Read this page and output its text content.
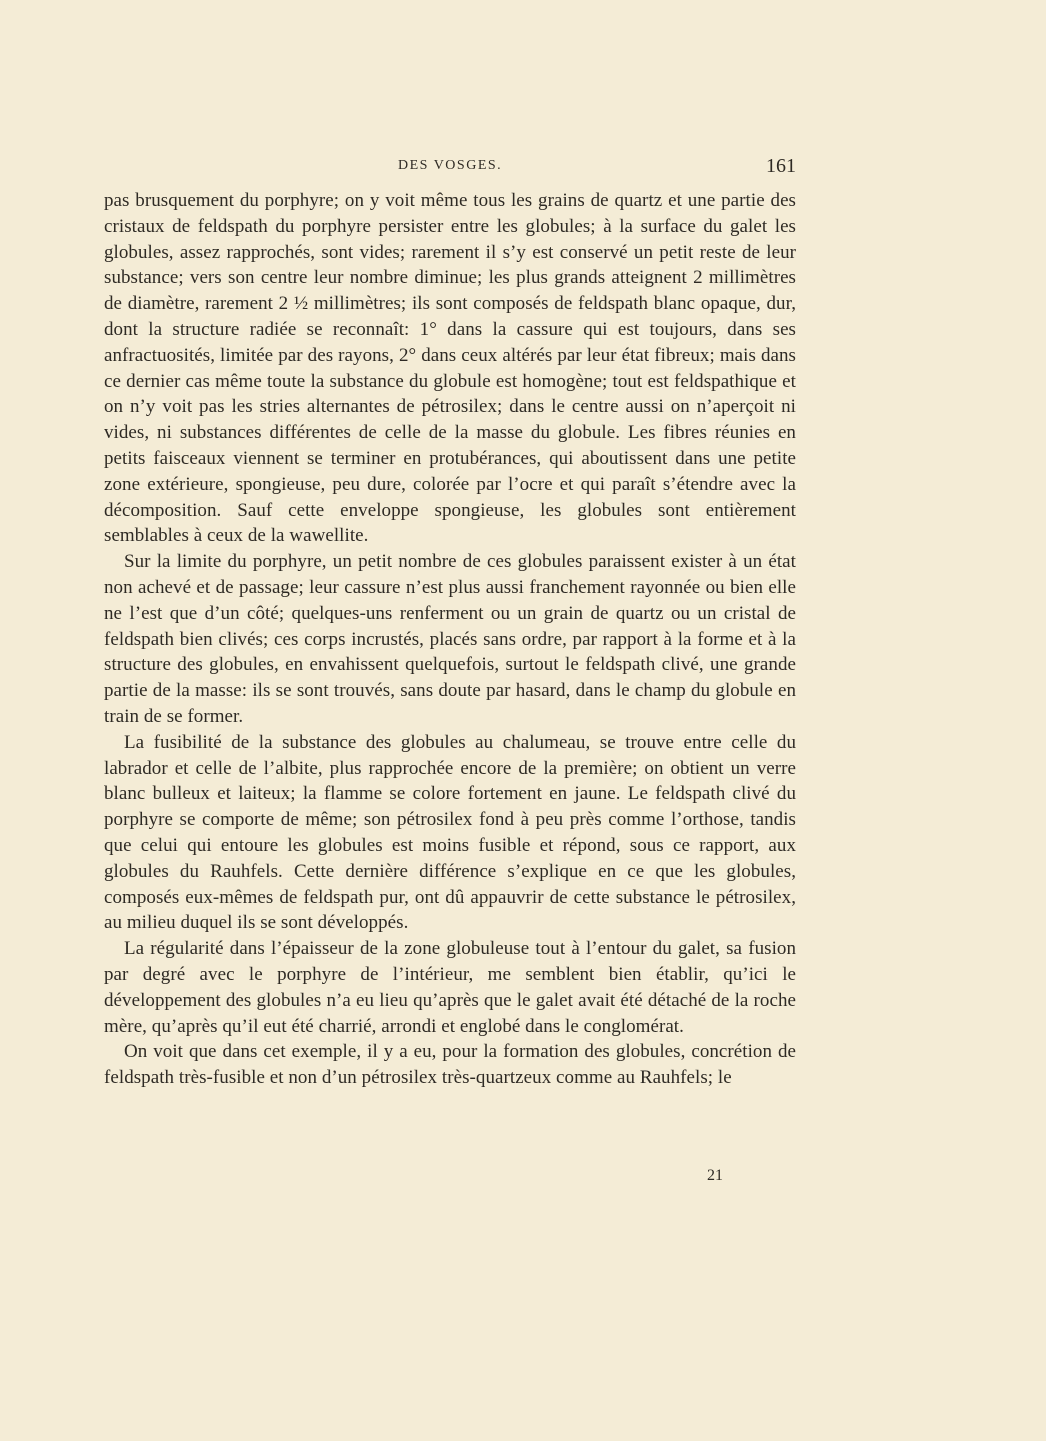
DES VOSGES.	161

pas brusquement du porphyre; on y voit même tous les grains de quartz et une partie des cristaux de feldspath du porphyre persister entre les globules; à la surface du galet les globules, assez rapprochés, sont vides; rarement il s’y est conservé un petit reste de leur substance; vers son centre leur nombre diminue; les plus grands atteignent 2 millimètres de diamètre, rarement 2 ½ millimètres; ils sont composés de feldspath blanc opaque, dur, dont la structure radiée se reconnaît: 1° dans la cassure qui est toujours, dans ses anfractuosités, limitée par des rayons, 2° dans ceux altérés par leur état fibreux; mais dans ce dernier cas même toute la substance du globule est homogène; tout est feldspathique et on n’y voit pas les stries alternantes de pétrosilex; dans le centre aussi on n’aperçoit ni vides, ni substances différentes de celle de la masse du globule. Les fibres réunies en petits faisceaux viennent se terminer en protubérances, qui aboutissent dans une petite zone extérieure, spongieuse, peu dure, colorée par l’ocre et qui paraît s’étendre avec la décomposition. Sauf cette enveloppe spongieuse, les globules sont entièrement semblables à ceux de la wawellite.

Sur la limite du porphyre, un petit nombre de ces globules paraissent exister à un état non achevé et de passage; leur cassure n’est plus aussi franchement rayonnée ou bien elle ne l’est que d’un côté; quelques-uns renferment ou un grain de quartz ou un cristal de feldspath bien clivés; ces corps incrustés, placés sans ordre, par rapport à la forme et à la structure des globules, en envahissent quelquefois, surtout le feldspath clivé, une grande partie de la masse: ils se sont trouvés, sans doute par hasard, dans le champ du globule en train de se former.

La fusibilité de la substance des globules au chalumeau, se trouve entre celle du labrador et celle de l’albite, plus rapprochée encore de la première; on obtient un verre blanc bulleux et laiteux; la flamme se colore fortement en jaune. Le feldspath clivé du porphyre se comporte de même; son pétrosilex fond à peu près comme l’orthose, tandis que celui qui entoure les globules est moins fusible et répond, sous ce rapport, aux globules du Rauhfels. Cette dernière différence s’explique en ce que les globules, composés eux-mêmes de feldspath pur, ont dû appauvrir de cette substance le pétrosilex, au milieu duquel ils se sont développés.

La régularité dans l’épaisseur de la zone globuleuse tout à l’entour du galet, sa fusion par degré avec le porphyre de l’intérieur, me semblent bien établir, qu’ici le développement des globules n’a eu lieu qu’après que le galet avait été détaché de la roche mère, qu’après qu’il eut été charrié, arrondi et englobé dans le conglomérat.

On voit que dans cet exemple, il y a eu, pour la formation des globules, concrétion de feldspath très-fusible et non d’un pétrosilex très-quartzeux comme au Rauhfels; le

21
